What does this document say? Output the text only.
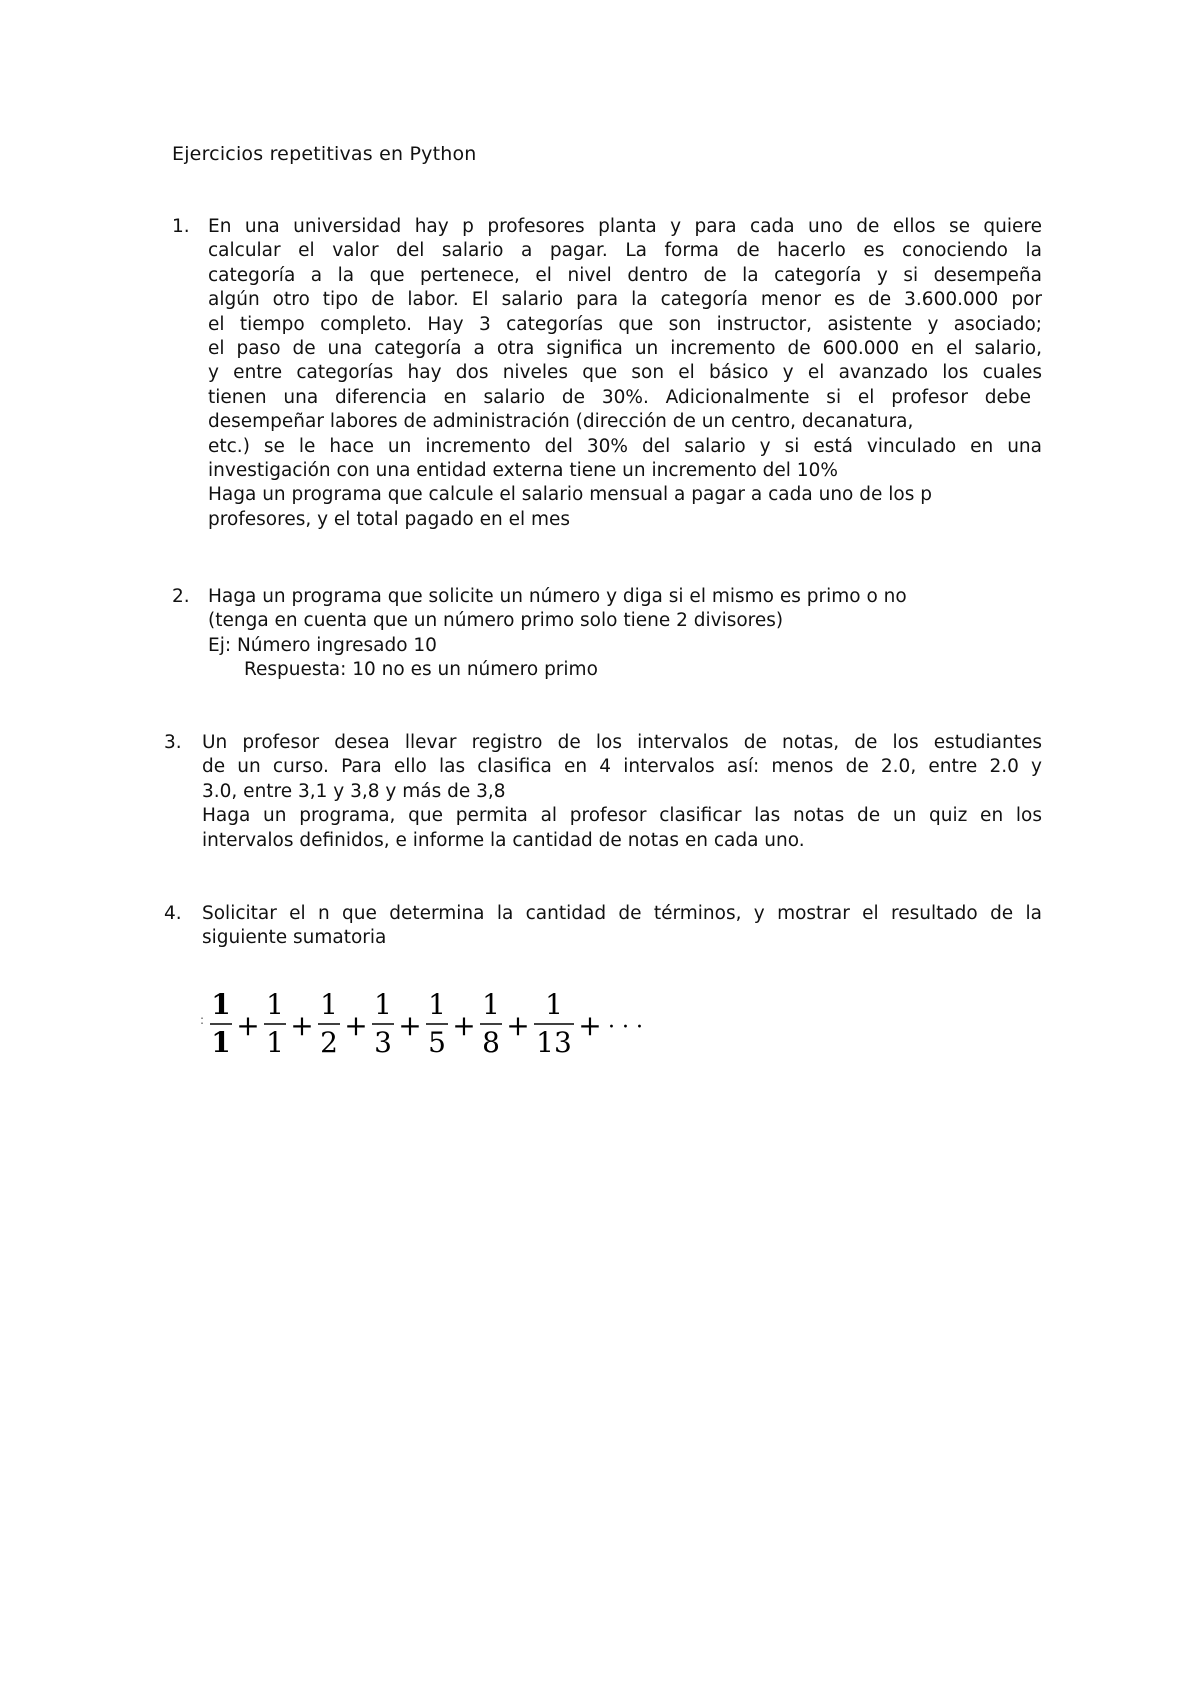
Ejercicios repetitivas en Python
1. En una universidad hay p profesores planta y para cada uno de ellos se quiere
calcular el valor del salario a pagar. La forma de hacerlo es conociendo la
categoría a la que pertenece, el nivel dentro de la categoría y si desempeña
algún otro tipo de labor. El salario para la categoría menor es de 3.600.000 por
el tiempo completo. Hay 3 categorías que son instructor, asistente y asociado;
el paso de una categoría a otra significa un incremento de 600.000 en el salario,
y entre categorías hay dos niveles que son el básico y el avanzado los cuales
tienen una diferencia en salario de 30%. Adicionalmente si el profesor debe
desempeñar labores de administración (dirección de un centro, decanatura,
etc.) se le hace un incremento del 30% del salario y si está vinculado en una
investigación con una entidad externa tiene un incremento del 10%
Haga un programa que calcule el salario mensual a pagar a cada uno de los p
profesores, y el total pagado en el mes
2. Haga un programa que solicite un número y diga si el mismo es primo o no
(tenga en cuenta que un número primo solo tiene 2 divisores)
Ej: Número ingresado 10
Respuesta: 10 no es un número primo
3. Un profesor desea llevar registro de los intervalos de notas, de los estudiantes
de un curso. Para ello las clasifica en 4 intervalos así: menos de 2.0, entre 2.0 y
3.0, entre 3,1 y 3,8 y más de 3,8
Haga un programa, que permita al profesor clasificar las notas de un quiz en los
intervalos definidos, e informe la cantidad de notas en cada uno.
4. Solicitar el n que determina la cantidad de términos, y mostrar el resultado de la
siguiente sumatoria
: 1
1
+
1
1
+
1
2
+
1
3
+
1
5
+
1
8
+
1
13
+ · · ·
